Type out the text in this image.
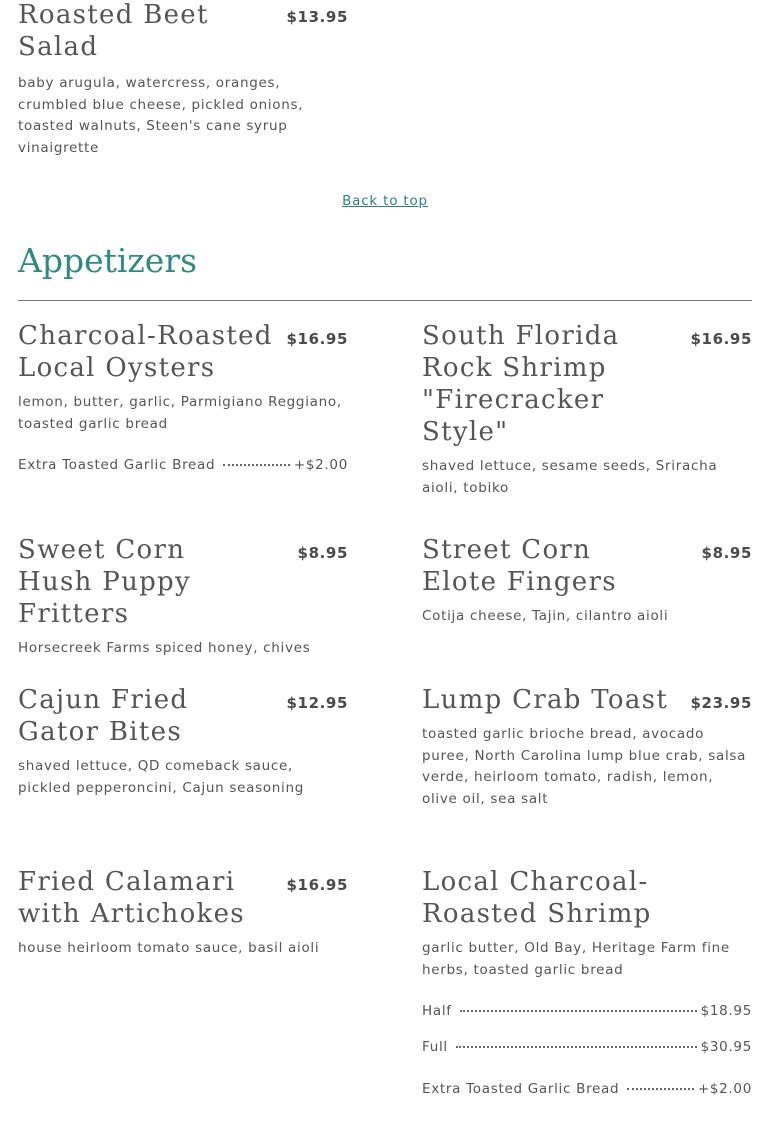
Roasted Beet Salad
$13.95
baby arugula, watercress, oranges, crumbled blue cheese, pickled onions, toasted walnuts, Steen's cane syrup vinaigrette
Back to top
Appetizers
Charcoal-Roasted Local Oysters
$16.95
lemon, butter, garlic, Parmigiano Reggiano, toasted garlic bread
Extra Toasted Garlic Bread	+$2.00
South Florida Rock Shrimp "Firecracker Style"
$16.95
shaved lettuce, sesame seeds, Sriracha aioli, tobiko
Sweet Corn Hush Puppy Fritters
$8.95
Horsecreek Farms spiced honey, chives
Street Corn Elote Fingers
$8.95
Cotija cheese, Tajin, cilantro aioli
Cajun Fried Gator Bites
$12.95
shaved lettuce, QD comeback sauce, pickled pepperoncini, Cajun seasoning
Lump Crab Toast $23.95
toasted garlic brioche bread, avocado puree, North Carolina lump blue crab, salsa verde, heirloom tomato, radish, lemon, olive oil, sea salt
Fried Calamari with Artichokes
$16.95
house heirloom tomato sauce, basil aioli
Local Charcoal-Roasted Shrimp
garlic butter, Old Bay, Heritage Farm fine herbs, toasted garlic bread
Half	$18.95
Full	$30.95
Extra Toasted Garlic Bread	+$2.00
